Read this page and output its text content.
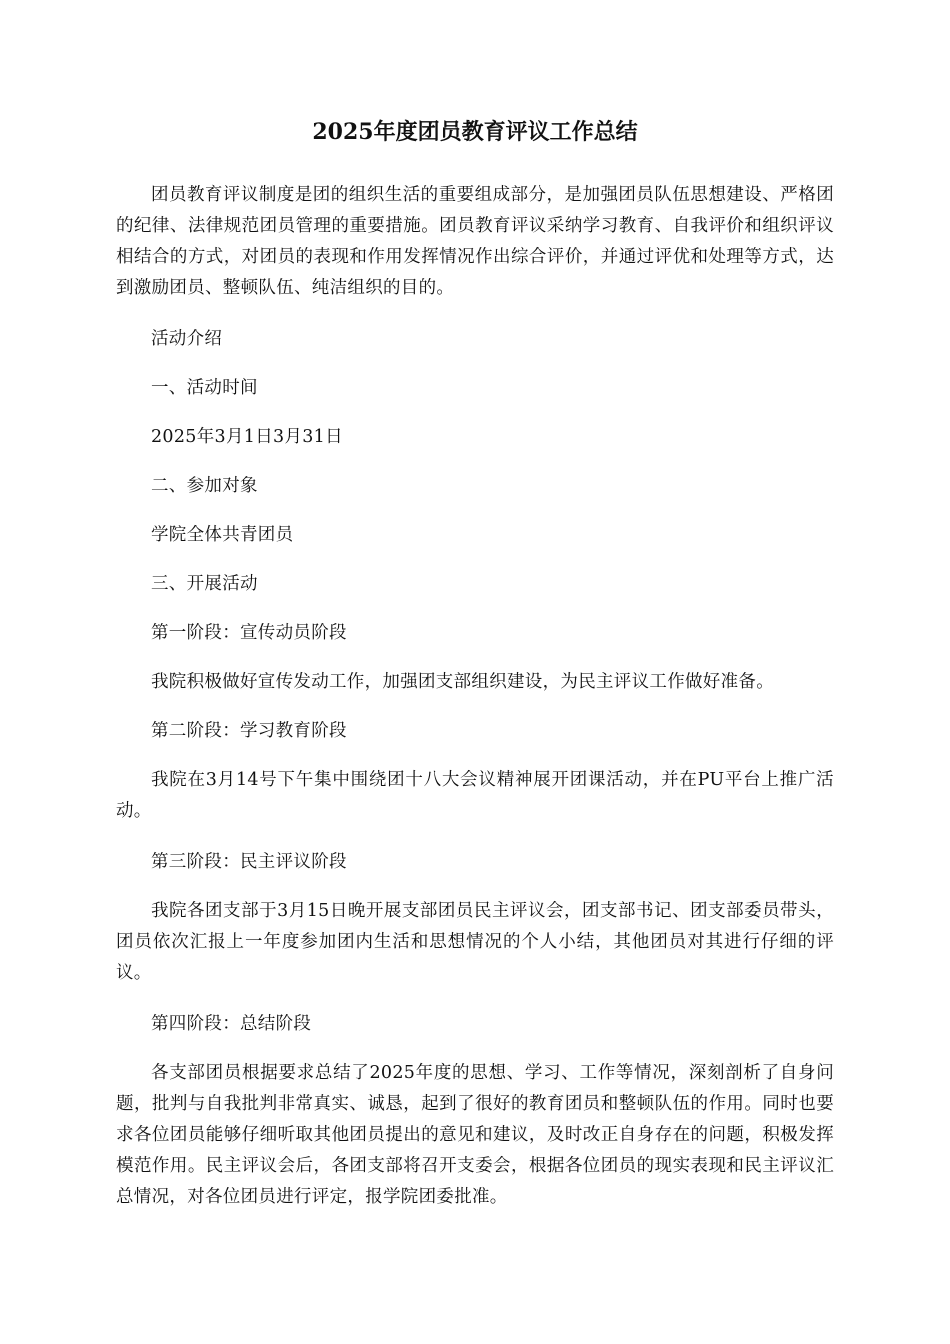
2025年度团员教育评议工作总结

团员教育评议制度是团的组织生活的重要组成部分，是加强团员队伍思想建设、严格团的纪律、法律规范团员管理的重要措施。团员教育评议采纳学习教育、自我评价和组织评议相结合的方式，对团员的表现和作用发挥情况作出综合评价，并通过评优和处理等方式，达到激励团员、整顿队伍、纯洁组织的目的。

活动介绍

一、活动时间

2025年3月1日3月31日

二、参加对象

学院全体共青团员

三、开展活动

第一阶段：宣传动员阶段

我院积极做好宣传发动工作，加强团支部组织建设，为民主评议工作做好准备。

第二阶段：学习教育阶段

我院在3月14号下午集中围绕团十八大会议精神展开团课活动，并在PU平台上推广活动。

第三阶段：民主评议阶段

我院各团支部于3月15日晚开展支部团员民主评议会，团支部书记、团支部委员带头，团员依次汇报上一年度参加团内生活和思想情况的个人小结，其他团员对其进行仔细的评议。

第四阶段：总结阶段

各支部团员根据要求总结了2025年度的思想、学习、工作等情况，深刻剖析了自身问题，批判与自我批判非常真实、诚恳，起到了很好的教育团员和整顿队伍的作用。同时也要求各位团员能够仔细听取其他团员提出的意见和建议，及时改正自身存在的问题，积极发挥模范作用。民主评议会后，各团支部将召开支委会，根据各位团员的现实表现和民主评议汇总情况，对各位团员进行评定，报学院团委批准。
